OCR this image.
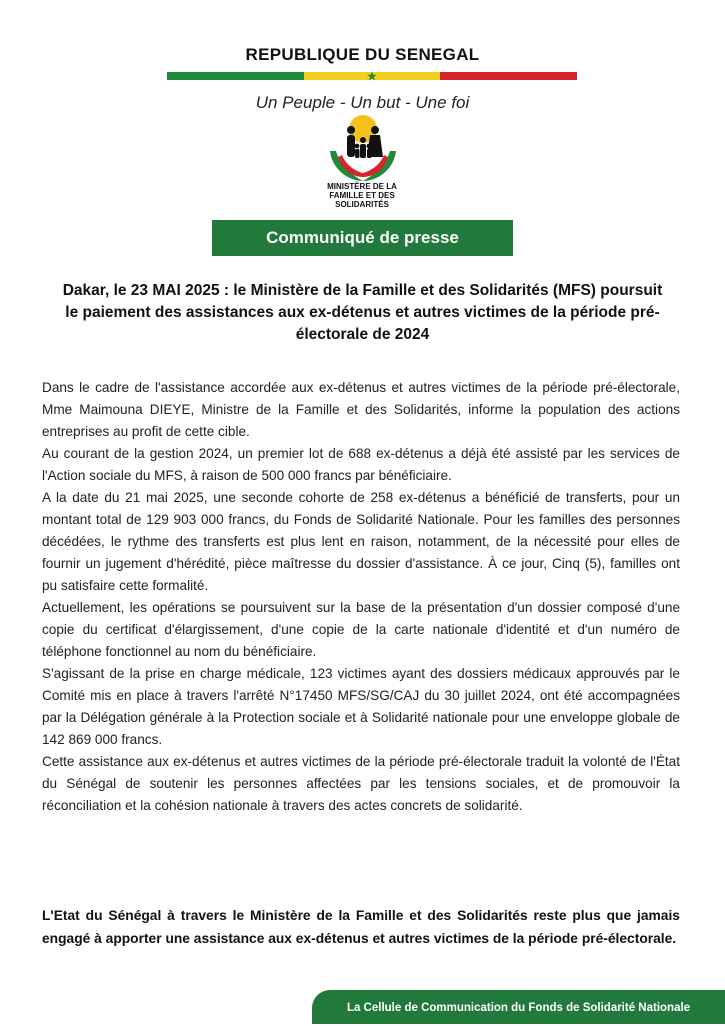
REPUBLIQUE DU SENEGAL
★
Un Peuple - Un but - Une foi
MINISTÈRE DE LA
FAMILLE ET DES
SOLIDARITÉS
Communiqué de presse
Dakar, le 23 MAI 2025 : le Ministère de la Famille et des Solidarités (MFS) poursuit le paiement des assistances aux ex-détenus et autres victimes de la période pré-électorale de 2024

Dans le cadre de l'assistance accordée aux ex-détenus et autres victimes de la période pré-électorale, Mme Maimouna DIEYE, Ministre de la Famille et des Solidarités, informe la population des actions entreprises au profit de cette cible.

Au courant de la gestion 2024, un premier lot de 688 ex-détenus a déjà été assisté par les services de l'Action sociale du MFS, à raison de 500 000 francs par bénéficiaire.

A la date du 21 mai 2025, une seconde cohorte de 258 ex-détenus a bénéficié de transferts, pour un montant total de 129 903 000 francs, du Fonds de Solidarité Nationale. Pour les familles des personnes décédées, le rythme des transferts est plus lent en raison, notamment, de la nécessité pour elles de fournir un jugement d'hérédité, pièce maîtresse du dossier d'assistance. À ce jour, Cinq (5), familles ont pu satisfaire cette formalité.

Actuellement, les opérations se poursuivent sur la base de la présentation d'un dossier composé d'une copie du certificat d'élargissement, d'une copie de la carte nationale d'identité et d'un numéro de téléphone fonctionnel au nom du bénéficiaire.

S'agissant de la prise en charge médicale, 123 victimes ayant des dossiers médicaux approuvés par le Comité mis en place à travers l'arrêté N°17450 MFS/SG/CAJ du 30 juillet 2024, ont été accompagnées par la Délégation générale à la Protection sociale et à Solidarité nationale pour une enveloppe globale de 142 869 000 francs.

Cette assistance aux ex-détenus et autres victimes de la période pré-électorale traduit la volonté de l'État du Sénégal de soutenir les personnes affectées par les tensions sociales, et de promouvoir la réconciliation et la cohésion nationale à travers des actes concrets de solidarité.

L'Etat du Sénégal à travers le Ministère de la Famille et des Solidarités reste plus que jamais engagé à apporter une assistance aux ex-détenus et autres victimes de la période pré-électorale.
La Cellule de Communication du Fonds de Solidarité Nationale
